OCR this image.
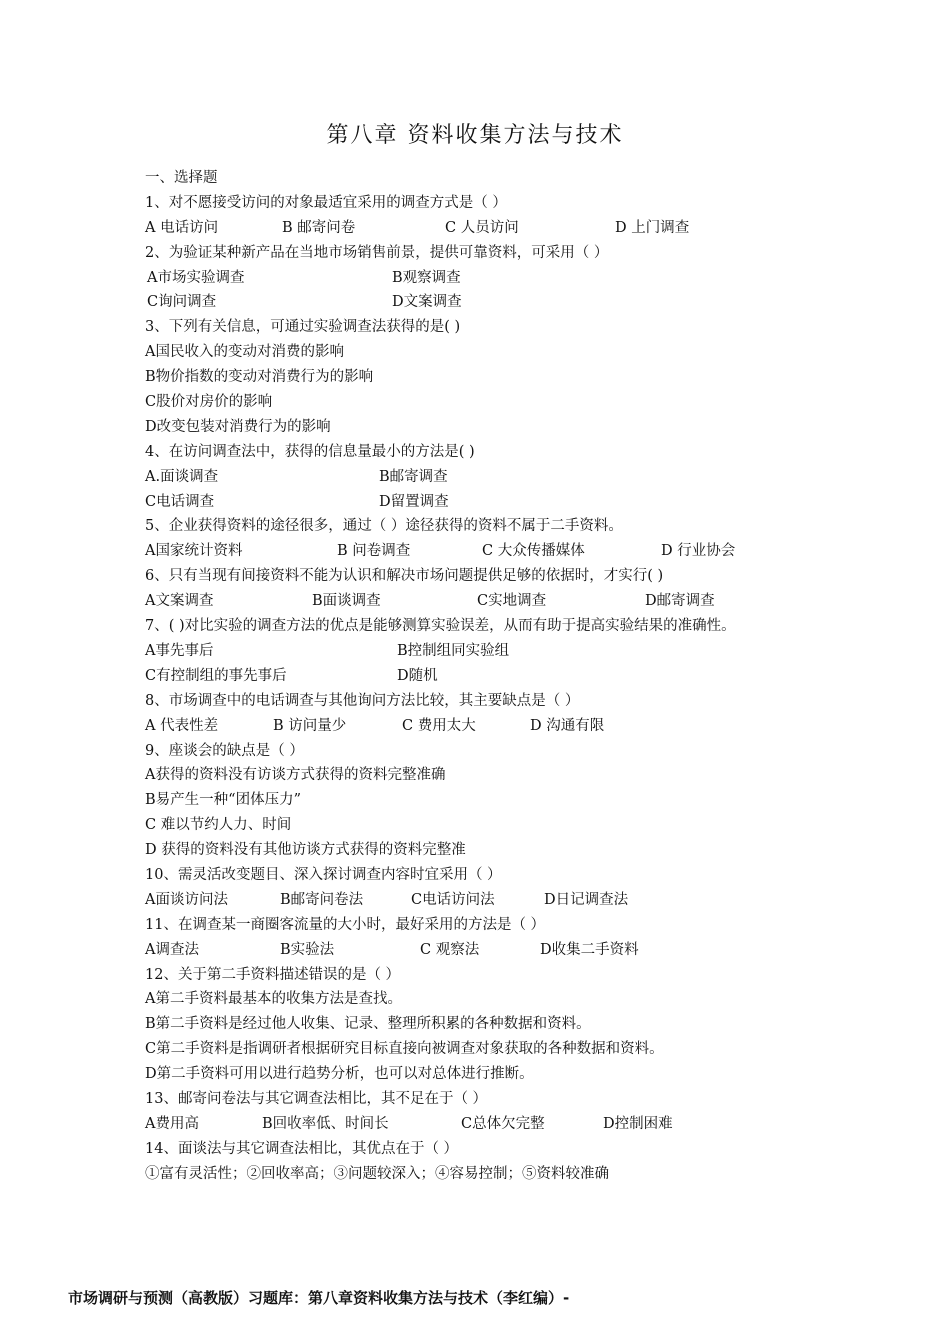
第八章 资料收集方法与技术
一、选择题
1、对不愿接受访问的对象最适宜采用的调查方式是（ ）
A 电话访问	B 邮寄问卷	C 人员访问	D 上门调查
2、为验证某种新产品在当地市场销售前景，提供可靠资料，可采用（ ）
A市场实验调查	B观察调查
C询问调查	D文案调查
3、下列有关信息，可通过实验调查法获得的是( )
A国民收入的变动对消费的影响
B物价指数的变动对消费行为的影响
C股价对房价的影响
D改变包装对消费行为的影响
4、在访问调查法中，获得的信息量最小的方法是( )
A.面谈调查	B邮寄调查
C电话调查	D留置调查
5、企业获得资料的途径很多，通过（ ）途径获得的资料不属于二手资料。
A国家统计资料	B 问卷调查	C 大众传播媒体	D 行业协会
6、只有当现有间接资料不能为认识和解决市场问题提供足够的依据时，才实行( )
A文案调查	B面谈调查	C实地调查	D邮寄调查
7、( )对比实验的调查方法的优点是能够测算实验误差，从而有助于提高实验结果的准确性。
A事先事后	B控制组同实验组
C有控制组的事先事后	D随机
8、市场调查中的电话调查与其他询问方法比较，其主要缺点是（ ）
A 代表性差	B 访问量少	C 费用太大	D 沟通有限
9、座谈会的缺点是（ ）
A获得的资料没有访谈方式获得的资料完整准确
B易产生一种“团体压力”
C 难以节约人力、时间
D 获得的资料没有其他访谈方式获得的资料完整准
10、需灵活改变题目、深入探讨调查内容时宜采用（ ）
A面谈访问法	B邮寄问卷法	C电话访问法	D日记调查法
11、在调查某一商圈客流量的大小时，最好采用的方法是（ ）
A调查法	B实验法	C 观察法	D收集二手资料
12、关于第二手资料描述错误的是（ ）
A第二手资料最基本的收集方法是查找。
B第二手资料是经过他人收集、记录、整理所积累的各种数据和资料。
C第二手资料是指调研者根据研究目标直接向被调查对象获取的各种数据和资料。
D第二手资料可用以进行趋势分析，也可以对总体进行推断。
13、邮寄问卷法与其它调查法相比，其不足在于（ ）
A费用高	B回收率低、时间长	C总体欠完整	D控制困难
14、面谈法与其它调查法相比，其优点在于（ ）
①富有灵活性；②回收率高；③问题较深入；④容易控制；⑤资料较准确
市场调研与预测（高教版）习题库：第八章资料收集方法与技术（李红编）-
